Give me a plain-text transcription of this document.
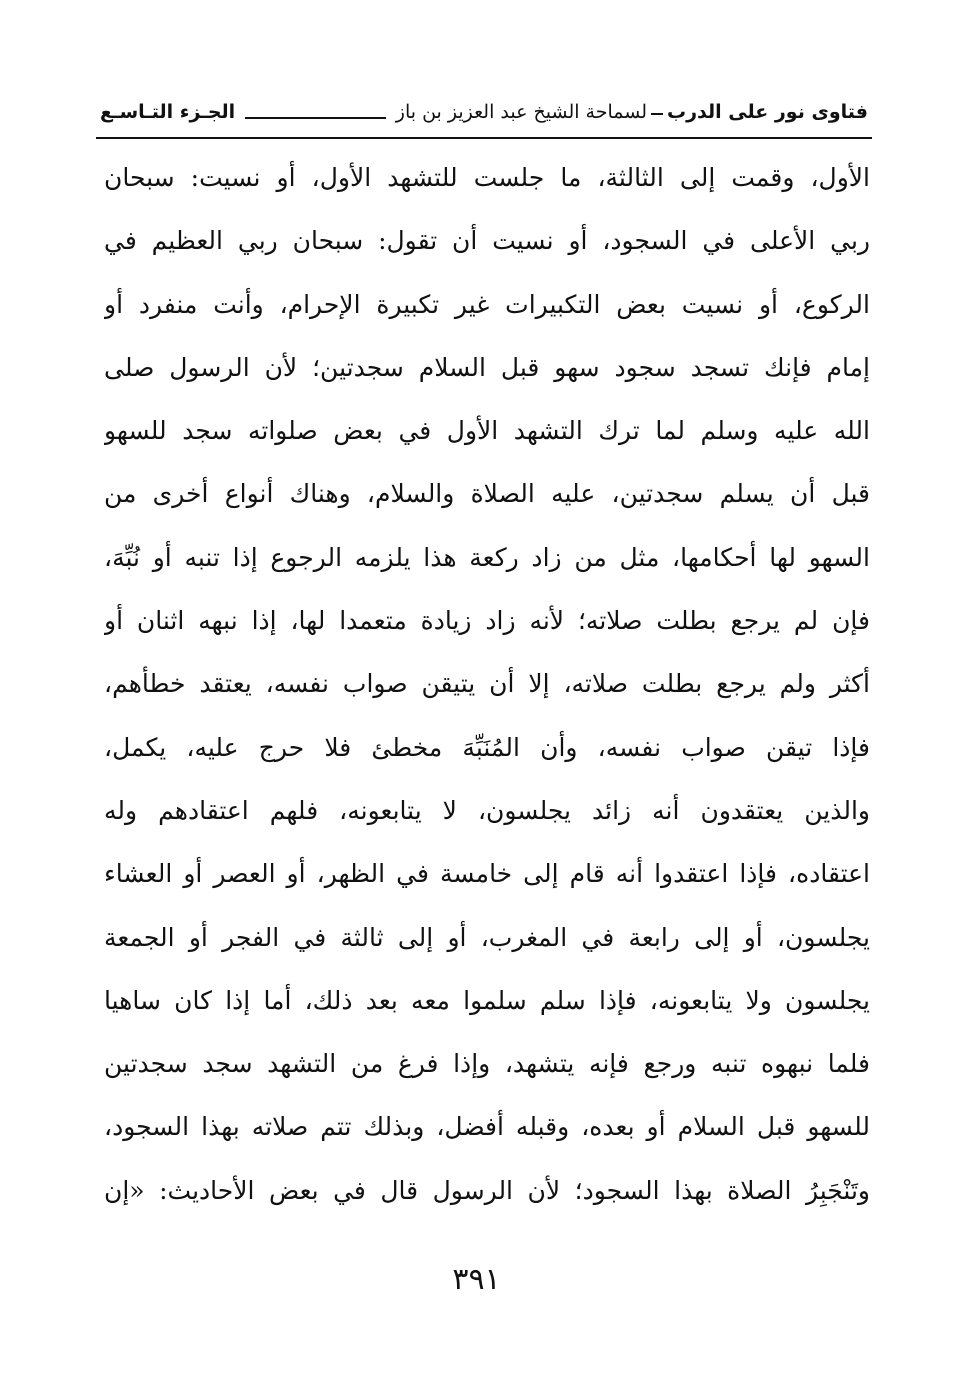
فتاوى نور على الدرب
لسماحة الشيخ عبد العزيز بن باز
الجـزء التـاسـع
الأول، وقمت إلى الثالثة، ما جلست للتشهد الأول، أو نسيت: سبحان
ربي الأعلى في السجود، أو نسيت أن تقول: سبحان ربي العظيم في
الركوع، أو نسيت بعض التكبيرات غير تكبيرة الإحرام، وأنت منفرد أو
إمام فإنك تسجد سجود سهو قبل السلام سجدتين؛ لأن الرسول صلى
الله عليه وسلم لما ترك التشهد الأول في بعض صلواته سجد للسهو
قبل أن يسلم سجدتين، عليه الصلاة والسلام، وهناك أنواع أخرى من
السهو لها أحكامها، مثل من زاد ركعة هذا يلزمه الرجوع إذا تنبه أو نُبِّهَ،
فإن لم يرجع بطلت صلاته؛ لأنه زاد زيادة متعمدا لها، إذا نبهه اثنان أو
أكثر ولم يرجع بطلت صلاته، إلا أن يتيقن صواب نفسه، يعتقد خطأهم،
فإذا تيقن صواب نفسه، وأن المُنَبِّهَ مخطئ فلا حرج عليه، يكمل،
والذين يعتقدون أنه زائد يجلسون، لا يتابعونه، فلهم اعتقادهم وله
اعتقاده، فإذا اعتقدوا أنه قام إلى خامسة في الظهر، أو العصر أو العشاء
يجلسون، أو إلى رابعة في المغرب، أو إلى ثالثة في الفجر أو الجمعة
يجلسون ولا يتابعونه، فإذا سلم سلموا معه بعد ذلك، أما إذا كان ساهيا
فلما نبهوه تنبه ورجع فإنه يتشهد، وإذا فرغ من التشهد سجد سجدتين
للسهو قبل السلام أو بعده، وقبله أفضل، وبذلك تتم صلاته بهذا السجود،
وتَنْجَبِرُ الصلاة بهذا السجود؛ لأن الرسول قال في بعض الأحاديث: «إن
٣٩١
